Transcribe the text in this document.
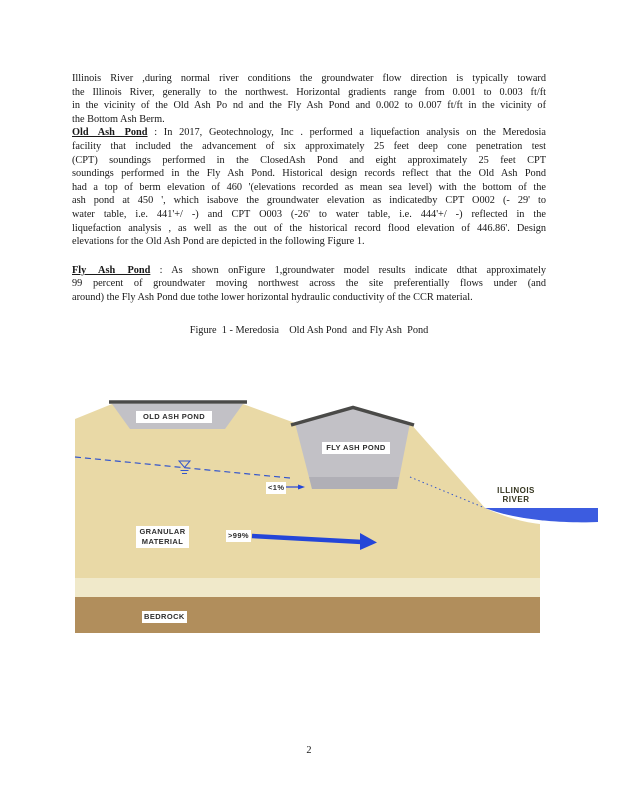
Illinois River ,during normal river conditions the groundwater flow direction is typically toward
the Illinois River, generally to the northwest. Horizontal gradients range from 0.001 to 0.003 ft/ft
in the vicinity of the Old Ash Po nd and the Fly Ash Pond and 0.002 to 0.007 ft/ft in the vicinity of
the Bottom Ash Berm.
Old Ash Pond : In 2017, Geotechnology, Inc . performed a liquefaction analysis on the Meredosia
facility that included the advancement of six approximately 25 feet deep cone penetration test
(CPT) soundings performed in the ClosedAsh Pond and eight approximately 25 feet CPT
soundings performed in the Fly Ash Pond. Historical design records reflect that the Old Ash Pond
had a top of berm elevation of 460 '(elevations recorded as mean sea level) with the bottom of the
ash pond at 450 ', which isabove the groundwater elevation as indicatedby CPT O002 (- 29' to
water table, i.e. 441'+/ -) and CPT O003 (-26' to water table, i.e. 444'+/ -) reflected in the
liquefaction analysis , as well as the out of the historical record flood elevation of 446.86'. Design
elevations for the Old Ash Pond are depicted in the following Figure 1.
Fly Ash Pond : As shown onFigure 1,groundwater model results indicate dthat approximately
99 percent of groundwater moving northwest across the site preferentially flows under (and
around) the Fly Ash Pond due tothe lower horizontal hydraulic conductivity of the CCR material.
Figure  1 - Meredosia    Old Ash Pond  and Fly Ash  Pond
OLD ASH POND
FLY ASH POND
ILLINOIS
RIVER
<1%
GRANULAR
MATERIAL
>99%
BEDROCK
2
